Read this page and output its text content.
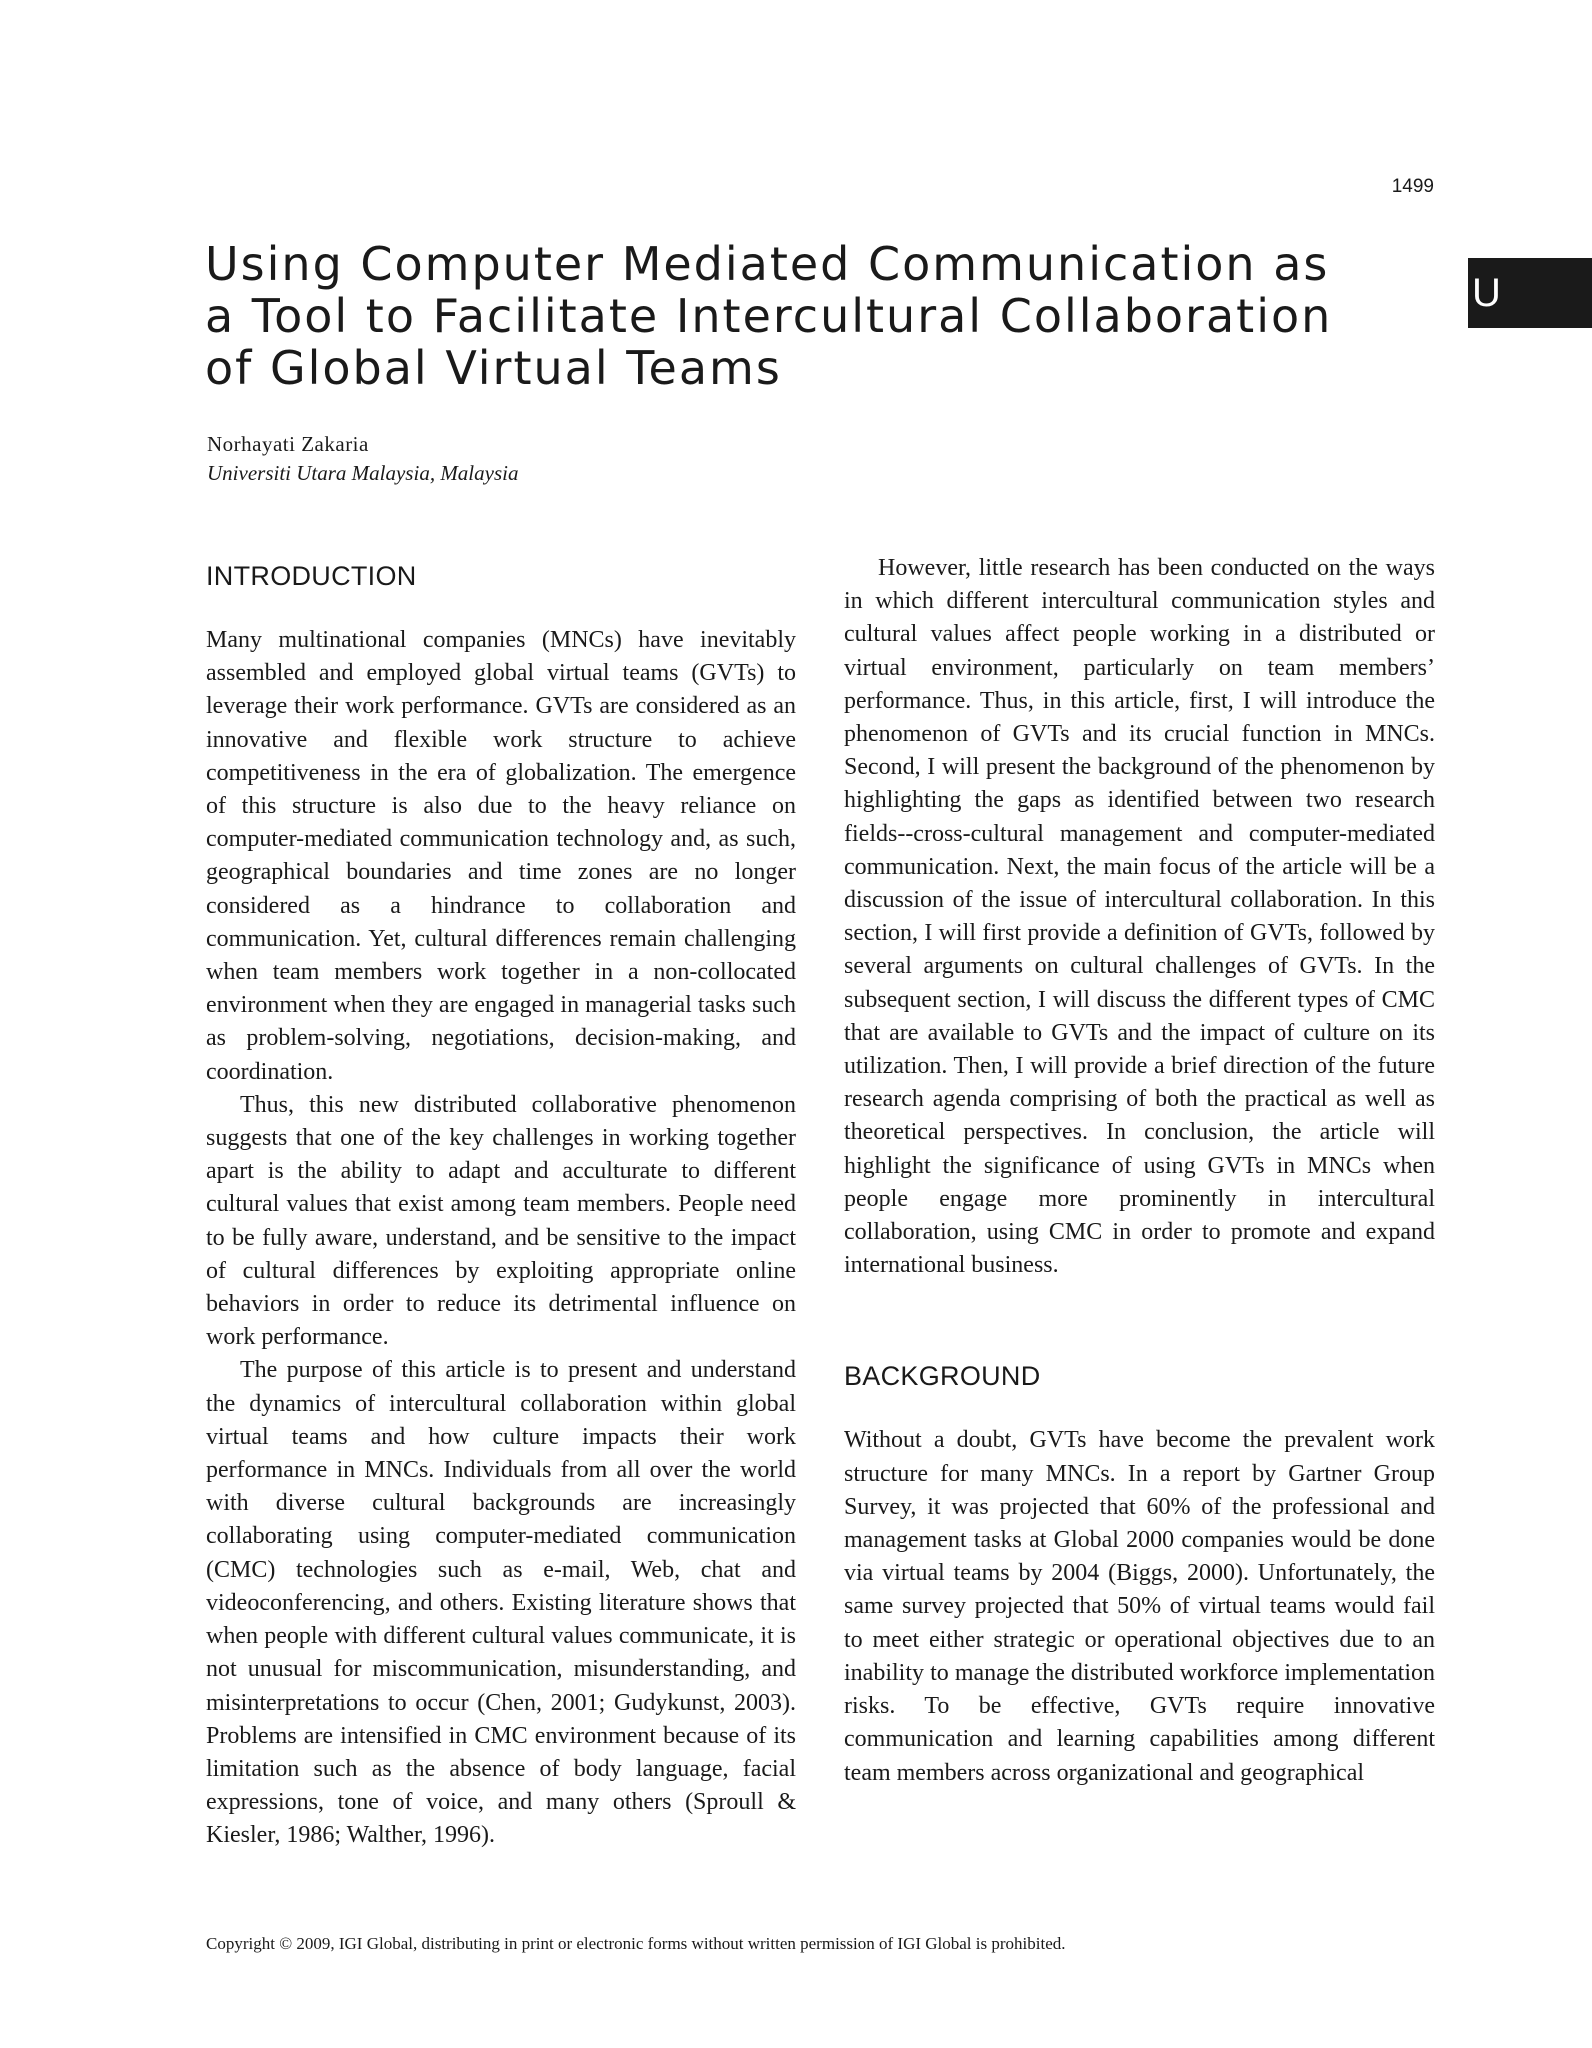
1499
U
Using Computer Mediated Communication as
a Tool to Facilitate Intercultural Collaboration
of Global Virtual Teams
Norhayati Zakaria
Universiti Utara Malaysia, Malaysia
INTRODUCTION

Many multinational companies (MNCs) have inevitably assembled and employed global virtual teams (GVTs) to leverage their work performance. GVTs are considered as an innovative and flexible work structure to achieve competitiveness in the era of globalization. The emergence of this structure is also due to the heavy reliance on computer-mediated communication technology and, as such, geographical boundaries and time zones are no longer considered as a hindrance to collaboration and communication. Yet, cultural differences remain challenging when team members work together in a non-collocated environment when they are engaged in managerial tasks such as problem-solving, negotiations, decision-making, and coordination.

Thus, this new distributed collaborative phenomenon suggests that one of the key challenges in working together apart is the ability to adapt and acculturate to different cultural values that exist among team members. People need to be fully aware, understand, and be sensitive to the impact of cultural differences by exploiting appropriate online behaviors in order to reduce its detrimental influence on work performance.

The purpose of this article is to present and understand the dynamics of intercultural collaboration within global virtual teams and how culture impacts their work performance in MNCs. Individuals from all over the world with diverse cultural backgrounds are increasingly collaborating using computer-mediated communication (CMC) technologies such as e-mail, Web, chat and videoconferencing, and others. Existing literature shows that when people with different cultural values communicate, it is not unusual for miscommunication, misunderstanding, and misinterpretations to occur (Chen, 2001; Gudykunst, 2003). Problems are intensified in CMC environment because of its limitation such as the absence of body language, facial expressions, tone of voice, and many others (Sproull & Kiesler, 1986; Walther, 1996).

However, little research has been conducted on the ways in which different intercultural communication styles and cultural values affect people working in a distributed or virtual environment, particularly on team members’ performance. Thus, in this article, first, I will introduce the phenomenon of GVTs and its crucial function in MNCs. Second, I will present the background of the phenomenon by highlighting the gaps as identified between two research fields--cross-cultural management and computer-mediated communication. Next, the main focus of the article will be a discussion of the issue of intercultural collaboration. In this section, I will first provide a definition of GVTs, followed by several arguments on cultural challenges of GVTs. In the subsequent section, I will discuss the different types of CMC that are available to GVTs and the impact of culture on its utilization. Then, I will provide a brief direction of the future research agenda comprising of both the practical as well as theoretical perspectives. In conclusion, the article will highlight the significance of using GVTs in MNCs when people engage more prominently in intercultural collaboration, using CMC in order to promote and expand international business.

BACKGROUND

Without a doubt, GVTs have become the prevalent work structure for many MNCs. In a report by Gartner Group Survey, it was projected that 60% of the professional and management tasks at Global 2000 companies would be done via virtual teams by 2004 (Biggs, 2000). Unfortunately, the same survey projected that 50% of virtual teams would fail to meet either strategic or operational objectives due to an inability to manage the distributed workforce implementation risks. To be effective, GVTs require innovative communication and learning capabilities among different team members across organizational and geographical

Copyright © 2009, IGI Global, distributing in print or electronic forms without written permission of IGI Global is prohibited.
